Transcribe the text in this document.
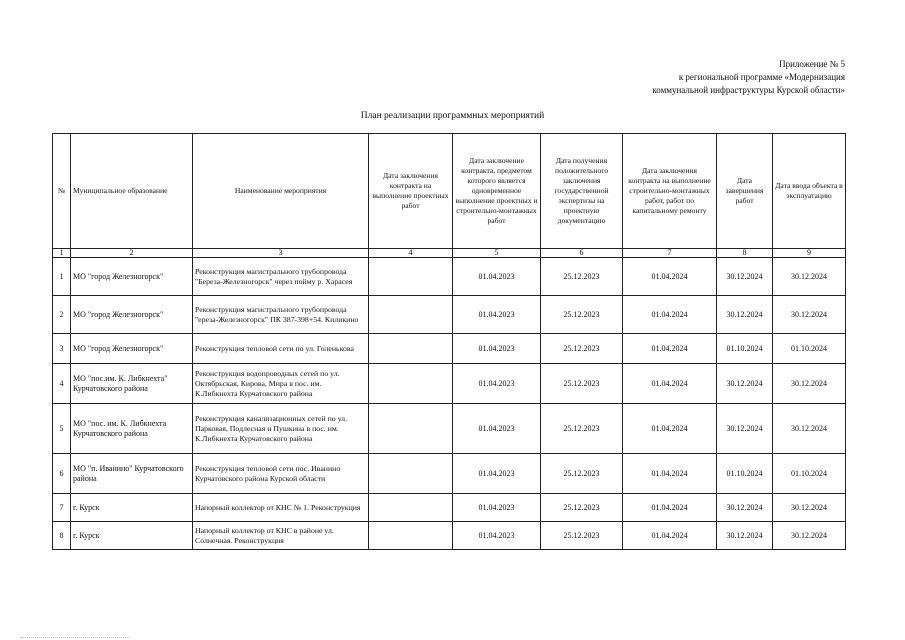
Приложение № 5
к региональной программе «Модернизация
коммунальной инфраструктуры Курской области»
План реализации программных мероприятий
№	Муниципальное образование	Наименование мероприятия	Дата заключения контракта на выполнение проектных работ	Дата заключение контракта, предметом которого является одновременное выполнение проектных и строительно-монтажных работ	Дата получения положительного заключения государственной экспертизы на проектную документацию	Дата заключения контракта на выполнение строительно-монтажных работ, работ по капитальному ремонту	Дата завершения работ	Дата ввода объекта в эксплуатацию
1	2	3	4	5	6	7	8	9
1	МО "город Железногорск"	Реконструкция магистрального трубопровода "Береза-Железногорск" через пойму р. Харасея		01.04.2023	25.12.2023	01.04.2024	30.12.2024	30.12.2024
2	МО "город Железногорск"	Реконструкция магистрального трубопровода "ереза-Железногорск" ПК 387-398+54. Киликино		01.04.2023	25.12.2023	01.04.2024	30.12.2024	30.12.2024
3	МО "город Железногорск"	Реконструкция тепловой сети по ул. Голенькова		01.04.2023	25.12.2023	01.04.2024	01.10.2024	01.10.2024
4	МО "пос.им. К. Либкнехта" Курчатовского района	Реконструкция водопроводных сетей по ул. Октябрьская, Кирова, Мира в пос. им. К.Либкнехта Курчатовского района		01.04.2023	25.12.2023	01.04.2024	30.12.2024	30.12.2024
5	МО "пос. им. К. Либкнехта Курчатовского района	Реконструкция канализационных сетей по ул. Парковая, Подлесная и Пушкина в пос. им. К.Либкнехта Курчатовского района		01.04.2023	25.12.2023	01.04.2024	30.12.2024	30.12.2024
6	МО "п. Иванино" Курчатовского района	Реконструкция тепловой сети пос. Иванино Курчатовского района Курской области		01.04.2023	25.12.2023	01.04.2024	01.10.2024	01.10.2024
7	г. Курск	Напорный коллектор от КНС № 1. Реконструкция		01.04.2023	25.12.2023	01.04.2024	30.12.2024	30.12.2024
8	г. Курск	Напорный коллектор от КНС в районе ул. Солнечная. Реконструкция		01.04.2023	25.12.2023	01.04.2024	30.12.2024	30.12.2024
